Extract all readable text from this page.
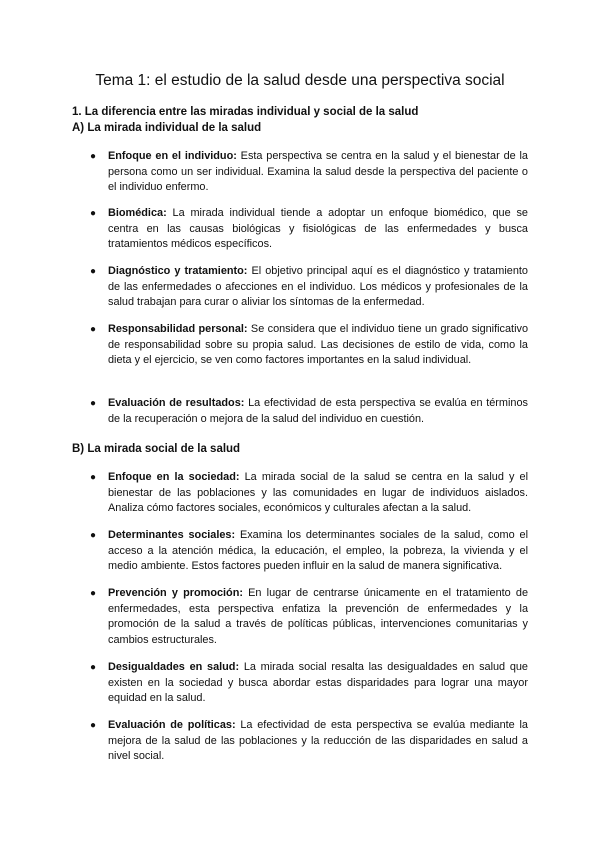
Tema 1: el estudio de la salud desde una perspectiva social
1. La diferencia entre las miradas individual y social de la salud
A) La mirada individual de la salud
● Enfoque en el individuo: Esta perspectiva se centra en la salud y el bienestar de la persona como un ser individual. Examina la salud desde la perspectiva del paciente o el individuo enfermo.
● Biomédica: La mirada individual tiende a adoptar un enfoque biomédico, que se centra en las causas biológicas y fisiológicas de las enfermedades y busca tratamientos médicos específicos.
● Diagnóstico y tratamiento: El objetivo principal aquí es el diagnóstico y tratamiento de las enfermedades o afecciones en el individuo. Los médicos y profesionales de la salud trabajan para curar o aliviar los síntomas de la enfermedad.
● Responsabilidad personal: Se considera que el individuo tiene un grado significativo de responsabilidad sobre su propia salud. Las decisiones de estilo de vida, como la dieta y el ejercicio, se ven como factores importantes en la salud individual.
● Evaluación de resultados: La efectividad de esta perspectiva se evalúa en términos de la recuperación o mejora de la salud del individuo en cuestión.
B) La mirada social de la salud
● Enfoque en la sociedad: La mirada social de la salud se centra en la salud y el bienestar de las poblaciones y las comunidades en lugar de individuos aislados. Analiza cómo factores sociales, económicos y culturales afectan a la salud.
● Determinantes sociales: Examina los determinantes sociales de la salud, como el acceso a la atención médica, la educación, el empleo, la pobreza, la vivienda y el medio ambiente. Estos factores pueden influir en la salud de manera significativa.
● Prevención y promoción: En lugar de centrarse únicamente en el tratamiento de enfermedades, esta perspectiva enfatiza la prevención de enfermedades y la promoción de la salud a través de políticas públicas, intervenciones comunitarias y cambios estructurales.
● Desigualdades en salud: La mirada social resalta las desigualdades en salud que existen en la sociedad y busca abordar estas disparidades para lograr una mayor equidad en la salud.
● Evaluación de políticas: La efectividad de esta perspectiva se evalúa mediante la mejora de la salud de las poblaciones y la reducción de las disparidades en salud a nivel social.
